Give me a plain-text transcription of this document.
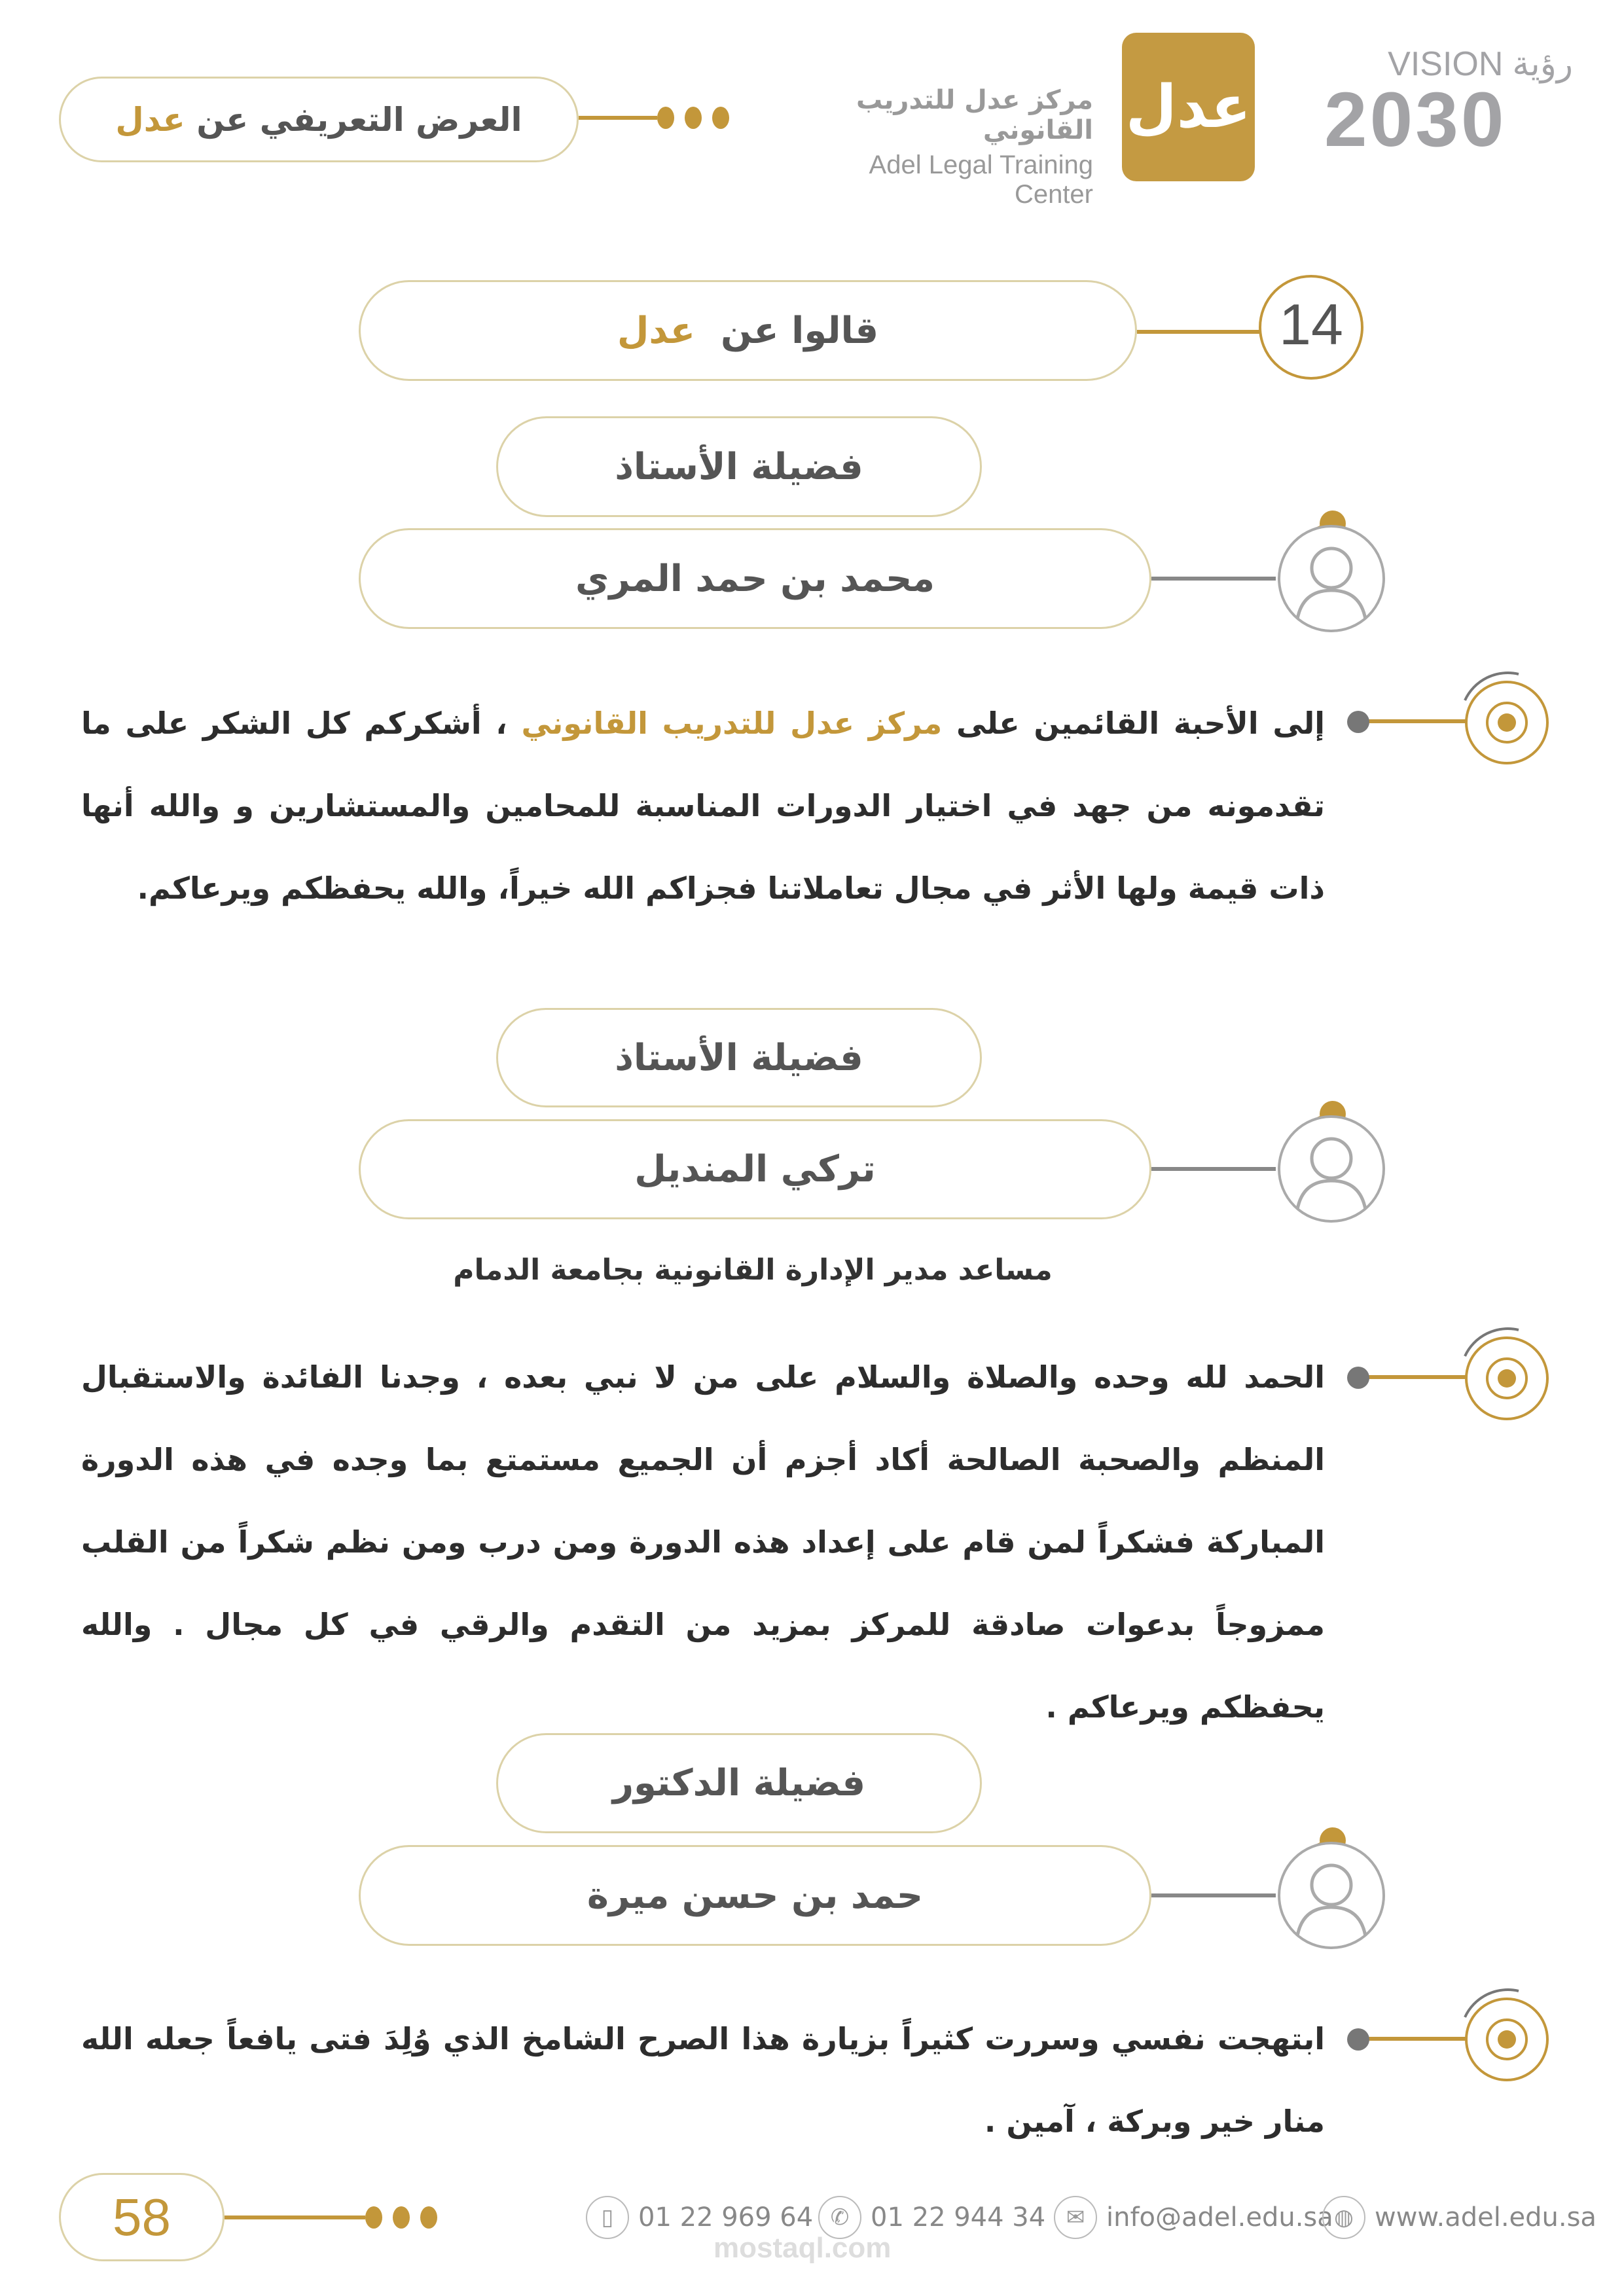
العرض التعريفي عن

عدل
مركز عدل للتدريب القانوني
Adel Legal Training Center
عدل
VISION رؤية
2030
قالوا عن

عدل	14
فضيلة الأستاذ
محمد بن حمد المري
إلى الأحبة القائمين على مركز عدل للتدريب القانوني ، أشكركم كل الشكر على ما تقدمونه من جهد في اختيار الدورات المناسبة للمحامين والمستشارين و والله أنها ذات قيمة ولها الأثر في مجال تعاملاتنا فجزاكم الله خيراً، والله يحفظكم ويرعاكم.
فضيلة الأستاذ
تركي المنديل
مساعد مدير الإدارة القانونية بجامعة الدمام
الحمد لله وحده والصلاة والسلام على من لا نبي بعده ، وجدنا الفائدة والاستقبال المنظم والصحبة الصالحة أكاد أجزم أن الجميع مستمتع بما وجده في هذه الدورة المباركة فشكراً لمن قام على إعداد هذه الدورة ومن درب ومن نظم شكراً من القلب ممزوجاً بدعوات صادقة للمركز بمزيد من التقدم والرقي في كل مجال . والله يحفظكم ويرعاكم .
فضيلة الدكتور
حمد بن حسن ميرة
ابتهجت نفسي وسررت كثيراً بزيارة هذا الصرح الشامخ الذي وُلِدَ فتى يافعاً جعله الله منار خير وبركة ، آمين .
58	▯ 01 22 969 64 ✆ 01 22 944 34 ✉ info@adel.edu.sa ◍ www.adel.edu.sa
mostaql.com
